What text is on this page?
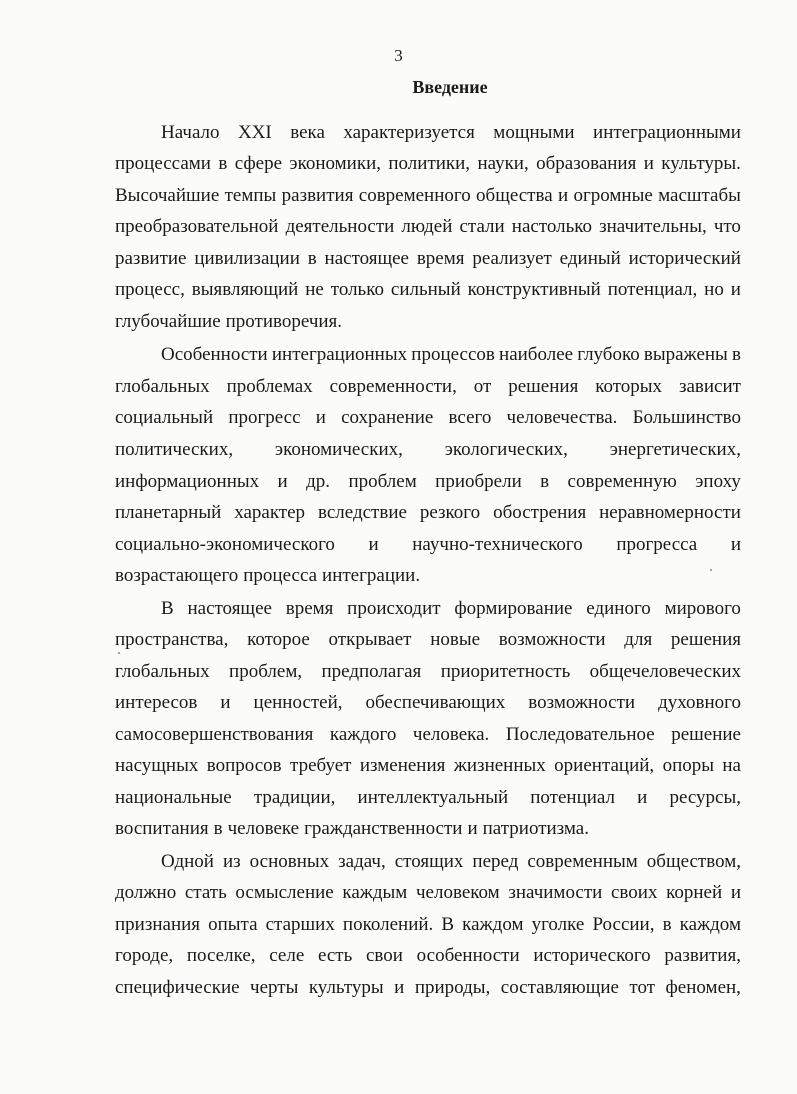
3
Введение
Начало XXI века характеризуется мощными интеграционными
процессами в сфере экономики, политики, науки, образования и культуры.
Высочайшие темпы развития современного общества и огромные масштабы
преобразовательной деятельности людей стали настолько значительны, что
развитие цивилизации в настоящее время реализует единый исторический
процесс, выявляющий не только сильный конструктивный потенциал, но и
глубочайшие противоречия.
Особенности интеграционных процессов наиболее глубоко выражены в
глобальных проблемах современности, от решения которых зависит
социальный прогресс и сохранение всего человечества. Большинство
политических, экономических, экологических, энергетических,
информационных и др. проблем приобрели в современную эпоху
планетарный характер вследствие резкого обострения неравномерности
социально-экономического и научно-технического прогресса и
возрастающего процесса интеграции.
В настоящее время происходит формирование единого мирового
пространства, которое открывает новые возможности для решения
глобальных проблем, предполагая приоритетность общечеловеческих
интересов и ценностей, обеспечивающих возможности духовного
самосовершенствования каждого человека. Последовательное решение
насущных вопросов требует изменения жизненных ориентаций, опоры на
национальные традиции, интеллектуальный потенциал и ресурсы,
воспитания в человеке гражданственности и патриотизма.
Одной из основных задач, стоящих перед современным обществом,
должно стать осмысление каждым человеком значимости своих корней и
признания опыта старших поколений. В каждом уголке России, в каждом
городе, поселке, селе есть свои особенности исторического развития,
специфические черты культуры и природы, составляющие тот феномен,
